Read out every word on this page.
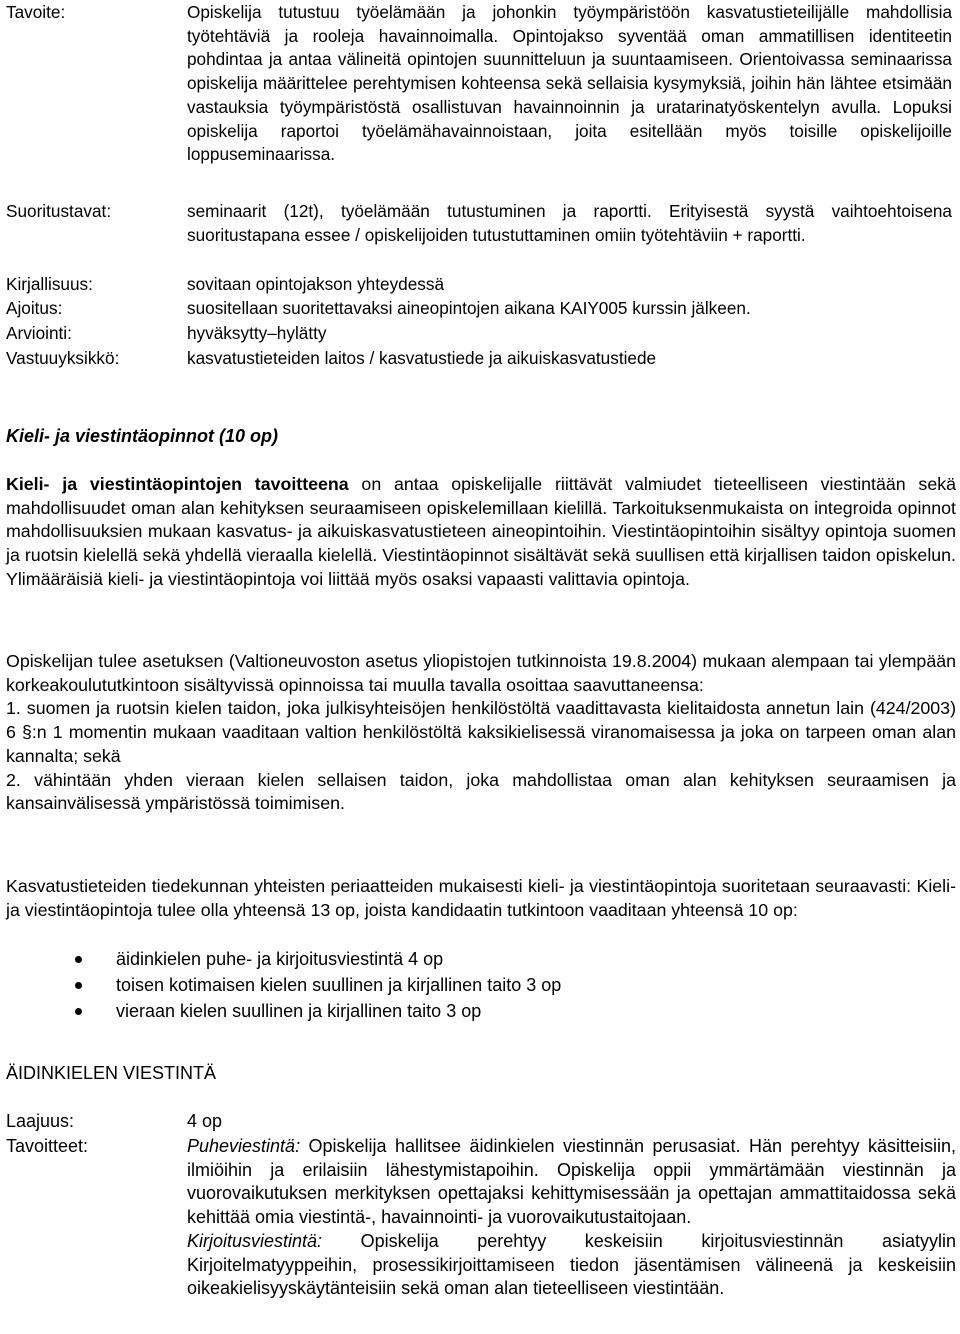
Tavoite:	Opiskelija tutustuu työelämään ja johonkin työympäristöön kasvatustieteilijälle mahdollisia työtehtäviä ja rooleja havainnoimalla. Opintojakso syventää oman ammatillisen identiteetin pohdintaa ja antaa välineitä opintojen suunnitteluun ja suuntaamiseen. Orientoivassa seminaarissa opiskelija määrittelee perehtymisen kohteensa sekä sellaisia kysymyksiä, joihin hän lähtee etsimään vastauksia työympäristöstä osallistuvan havainnoinnin ja uratarinatyöskentelyn avulla. Lopuksi opiskelija raportoi työelämähavainnoistaan, joita esitellään myös toisille opiskelijoille loppuseminaarissa.
Suoritustavat:	seminaarit (12t), työelämään tutustuminen ja raportti. Erityisestä syystä vaihtoehtoisena suoritustapana essee / opiskelijoiden tutustuttaminen omiin työtehtäviin + raportti.
Kirjallisuus:	sovitaan opintojakson yhteydessä
Ajoitus:	suositellaan suoritettavaksi aineopintojen aikana KAIY005 kurssin jälkeen.
Arviointi:	hyväksytty–hylätty
Vastuuyksikkö:	kasvatustieteiden laitos / kasvatustiede ja aikuiskasvatustiede
Kieli- ja viestintäopinnot (10 op)
Kieli- ja viestintäopintojen tavoitteena on antaa opiskelijalle riittävät valmiudet tieteelliseen viestintään sekä mahdollisuudet oman alan kehityksen seuraamiseen opiskelemillaan kielillä. Tarkoituksenmukaista on integroida opinnot mahdollisuuksien mukaan kasvatus- ja aikuiskasvatustieteen aineopintoihin. Viestintäopintoihin sisältyy opintoja suomen ja ruotsin kielellä sekä yhdellä vieraalla kielellä. Viestintäopinnot sisältävät sekä suullisen että kirjallisen taidon opiskelun. Ylimääräisiä kieli- ja viestintäopintoja voi liittää myös osaksi vapaasti valittavia opintoja.
Opiskelijan tulee asetuksen (Valtioneuvoston asetus yliopistojen tutkinnoista 19.8.2004) mukaan alempaan tai ylempään korkeakoulututkintoon sisältyvissä opinnoissa tai muulla tavalla osoittaa saavuttaneensa:
1. suomen ja ruotsin kielen taidon, joka julkisyhteisöjen henkilöstöltä vaadittavasta kielitaidosta annetun lain (424/2003) 6 §:n 1 momentin mukaan vaaditaan valtion henkilöstöltä kaksikielisessä viranomaisessa ja joka on tarpeen oman alan kannalta; sekä
2. vähintään yhden vieraan kielen sellaisen taidon, joka mahdollistaa oman alan kehityksen seuraamisen ja kansainvälisessä ympäristössä toimimisen.
Kasvatustieteiden tiedekunnan yhteisten periaatteiden mukaisesti kieli- ja viestintäopintoja suoritetaan seuraavasti: Kieli- ja viestintäopintoja tulee olla yhteensä 13 op, joista kandidaatin tutkintoon vaaditaan yhteensä 10 op:
äidinkielen puhe- ja kirjoitusviestintä 4 op
toisen kotimaisen kielen suullinen ja kirjallinen taito 3 op
vieraan kielen suullinen ja kirjallinen taito 3 op
ÄIDINKIELEN VIESTINTÄ
Laajuus:	4 op
Tavoitteet:	Puheviestintä: Opiskelija hallitsee äidinkielen viestinnän perusasiat. Hän perehtyy käsitteisiin, ilmiöihin ja erilaisiin lähestymistapoihin. Opiskelija oppii ymmärtämään viestinnän ja vuorovaikutuksen merkityksen opettajaksi kehittymisessään ja opettajan ammattitaidossa sekä kehittää omia viestintä-, havainnointi- ja vuorovaikutustaitojaan.
Kirjoitusviestintä: Opiskelija perehtyy keskeisiin kirjoitusviestinnän asiatyylin Kirjoitelmatyyppeihin, prosessikirjoittamiseen tiedon jäsentämisen välineenä ja keskeisiin oikeakielisyyskäytänteisiin sekä oman alan tieteelliseen viestintään.
